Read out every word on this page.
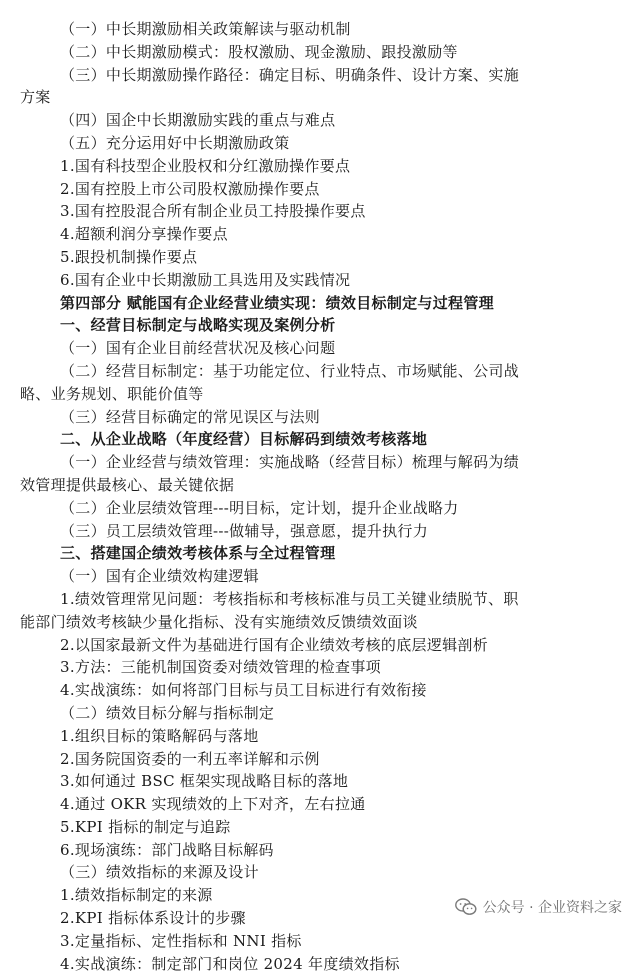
（一）中长期激励相关政策解读与驱动机制
（二）中长期激励模式：股权激励、现金激励、跟投激励等
（三）中长期激励操作路径：确定目标、明确条件、设计方案、实施
方案
（四）国企中长期激励实践的重点与难点
（五）充分运用好中长期激励政策
1.国有科技型企业股权和分红激励操作要点
2.国有控股上市公司股权激励操作要点
3.国有控股混合所有制企业员工持股操作要点
4.超额利润分享操作要点
5.跟投机制操作要点
6.国有企业中长期激励工具选用及实践情况
第四部分 赋能国有企业经营业绩实现：绩效目标制定与过程管理
一、经营目标制定与战略实现及案例分析
（一）国有企业目前经营状况及核心问题
（二）经营目标制定：基于功能定位、行业特点、市场赋能、公司战
略、业务规划、职能价值等
（三）经营目标确定的常见误区与法则
二、从企业战略（年度经营）目标解码到绩效考核落地
（一）企业经营与绩效管理：实施战略（经营目标）梳理与解码为绩
效管理提供最核心、最关键依据
（二）企业层绩效管理---明目标，定计划，提升企业战略力
（三）员工层绩效管理---做辅导，强意愿，提升执行力
三、搭建国企绩效考核体系与全过程管理
（一）国有企业绩效构建逻辑
1.绩效管理常见问题：考核指标和考核标准与员工关键业绩脱节、职
能部门绩效考核缺少量化指标、没有实施绩效反馈绩效面谈
2.以国家最新文件为基础进行国有企业绩效考核的底层逻辑剖析
3.方法：三能机制国资委对绩效管理的检查事项
4.实战演练：如何将部门目标与员工目标进行有效衔接
（二）绩效目标分解与指标制定
1.组织目标的策略解码与落地
2.国务院国资委的一利五率详解和示例
3.如何通过 BSC 框架实现战略目标的落地
4.通过 OKR 实现绩效的上下对齐，左右拉通
5.KPI 指标的制定与追踪
6.现场演练：部门战略目标解码
（三）绩效指标的来源及设计
1.绩效指标制定的来源
2.KPI 指标体系设计的步骤
3.定量指标、定性指标和 NNI 指标
4.实战演练：制定部门和岗位 2024 年度绩效指标
公众号 · 企业资料之家
